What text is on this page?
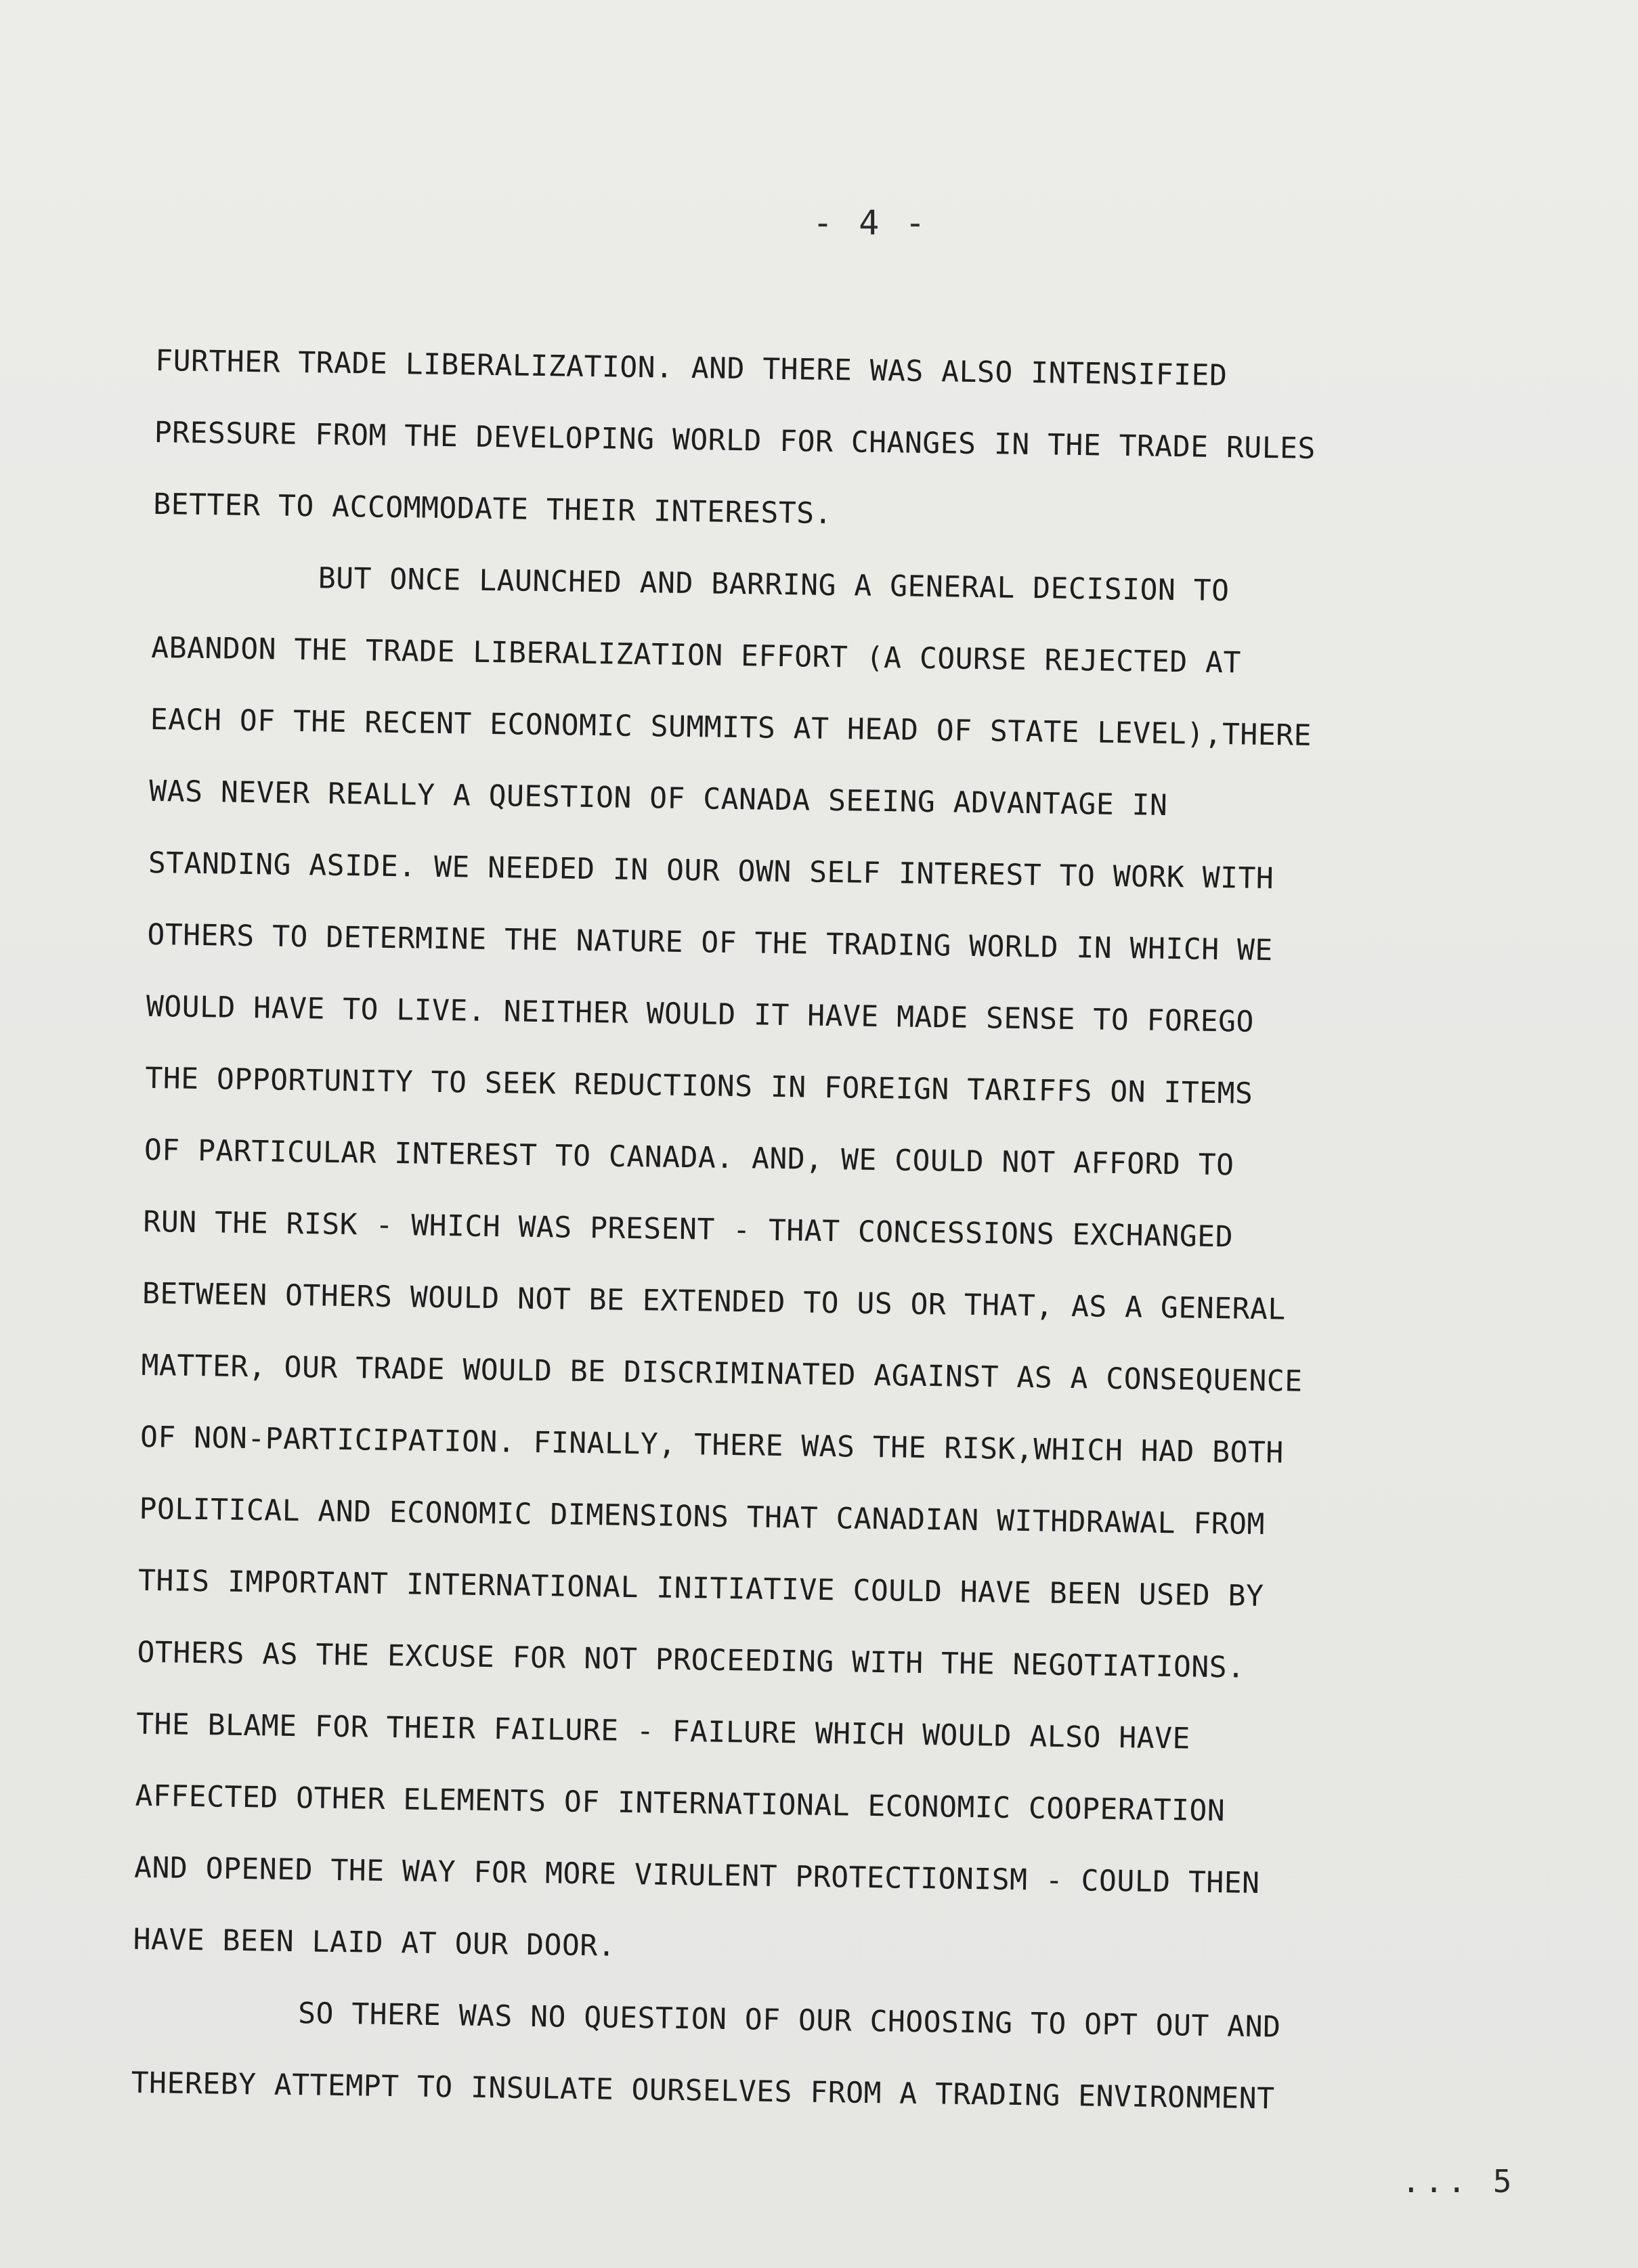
- 4 -
FURTHER TRADE LIBERALIZATION. AND THERE WAS ALSO INTENSIFIED
PRESSURE FROM THE DEVELOPING WORLD FOR CHANGES IN THE TRADE RULES
BETTER TO ACCOMMODATE THEIR INTERESTS.
BUT ONCE LAUNCHED AND BARRING A GENERAL DECISION TO
ABANDON THE TRADE LIBERALIZATION EFFORT (A COURSE REJECTED AT
EACH OF THE RECENT ECONOMIC SUMMITS AT HEAD OF STATE LEVEL),THERE
WAS NEVER REALLY A QUESTION OF CANADA SEEING ADVANTAGE IN
STANDING ASIDE. WE NEEDED IN OUR OWN SELF INTEREST TO WORK WITH
OTHERS TO DETERMINE THE NATURE OF THE TRADING WORLD IN WHICH WE
WOULD HAVE TO LIVE. NEITHER WOULD IT HAVE MADE SENSE TO FOREGO
THE OPPORTUNITY TO SEEK REDUCTIONS IN FOREIGN TARIFFS ON ITEMS
OF PARTICULAR INTEREST TO CANADA. AND, WE COULD NOT AFFORD TO
RUN THE RISK - WHICH WAS PRESENT - THAT CONCESSIONS EXCHANGED
BETWEEN OTHERS WOULD NOT BE EXTENDED TO US OR THAT, AS A GENERAL
MATTER, OUR TRADE WOULD BE DISCRIMINATED AGAINST AS A CONSEQUENCE
OF NON-PARTICIPATION. FINALLY, THERE WAS THE RISK,WHICH HAD BOTH
POLITICAL AND ECONOMIC DIMENSIONS THAT CANADIAN WITHDRAWAL FROM
THIS IMPORTANT INTERNATIONAL INITIATIVE COULD HAVE BEEN USED BY
OTHERS AS THE EXCUSE FOR NOT PROCEEDING WITH THE NEGOTIATIONS.
THE BLAME FOR THEIR FAILURE - FAILURE WHICH WOULD ALSO HAVE
AFFECTED OTHER ELEMENTS OF INTERNATIONAL ECONOMIC COOPERATION
AND OPENED THE WAY FOR MORE VIRULENT PROTECTIONISM - COULD THEN
HAVE BEEN LAID AT OUR DOOR.
SO THERE WAS NO QUESTION OF OUR CHOOSING TO OPT OUT AND
THEREBY ATTEMPT TO INSULATE OURSELVES FROM A TRADING ENVIRONMENT
... 5
